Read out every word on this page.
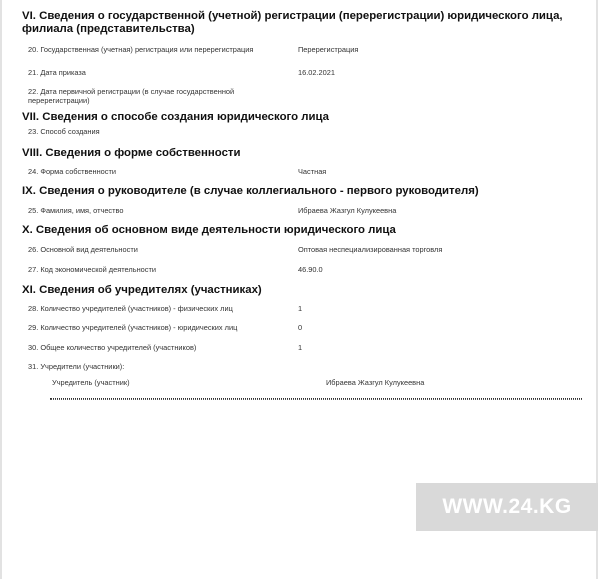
VI. Сведения о государственной (учетной) регистрации (перерегистрации) юридического лица, филиала (представительства)
20. Государственная (учетная) регистрация или перерегистрация	Перерегистрация
21. Дата приказа	16.02.2021
22. Дата первичной регистрации (в случае государственной перерегистрации)
VII. Сведения о способе создания юридического лица
23. Способ создания
VIII. Сведения о форме собственности
24. Форма собственности	Частная
IX. Сведения о руководителе (в случае коллегиального - первого руководителя)
25. Фамилия, имя, отчество	Ибраева Жазгул Кулукеевна
X. Сведения об основном виде деятельности юридического лица
26. Основной вид деятельности	Оптовая неспециализированная торговля
27. Код экономической деятельности	46.90.0
XI. Сведения об учредителях (участниках)
28. Количество учредителей (участников) - физических лиц	1
29. Количество учредителей (участников) - юридических лиц	0
30. Общее количество учредителей (участников)	1
31. Учредители (участники):
Учредитель (участник)	Ибраева Жазгул Кулукеевна
WWW.24.KG
